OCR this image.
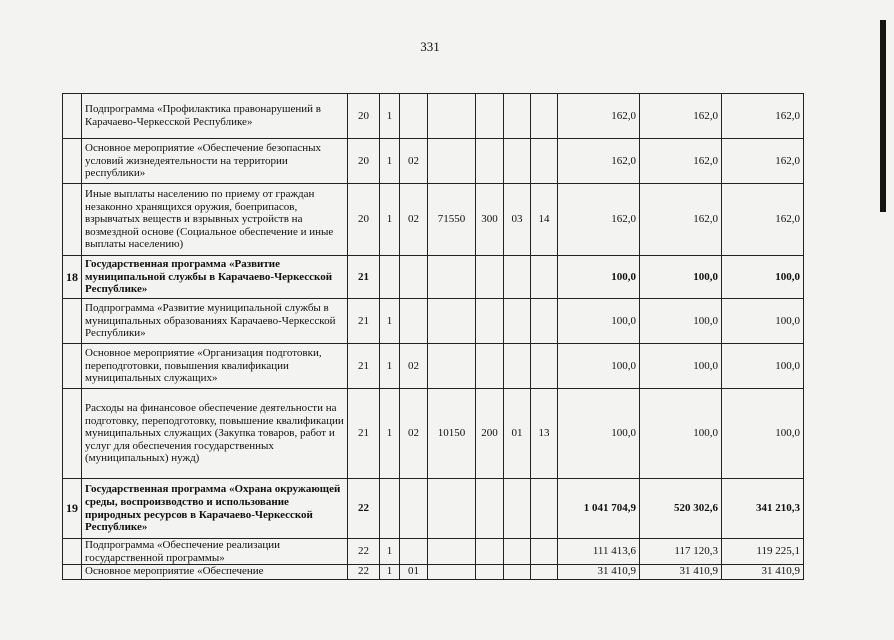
331
	Подпрограмма «Профилактика правонарушений в Карачаево-Черкесской Республике»	20	1						162,0	162,0	162,0
	Основное мероприятие «Обеспечение безопасных условий жизнедеятельности на территории республики»	20	1	02					162,0	162,0	162,0
	Иные выплаты населению по приему от граждан незаконно хранящихся оружия, боеприпасов, взрывчатых веществ и взрывных устройств на возмездной основе (Социальное обеспечение и иные выплаты населению)	20	1	02	71550	300	03	14	162,0	162,0	162,0
18	Государственная программа «Развитие муниципальной службы в Карачаево-Черкесской Республике»	21							100,0	100,0	100,0
	Подпрограмма «Развитие муниципальной службы в муниципальных образованиях Карачаево-Черкесской Республики»	21	1						100,0	100,0	100,0
	Основное мероприятие «Организация подготовки, переподготовки, повышения квалификации муниципальных служащих»	21	1	02					100,0	100,0	100,0
	Расходы на финансовое обеспечение деятельности на подготовку, переподготовку, повышение квалификации муниципальных служащих (Закупка товаров, работ и услуг для обеспечения государственных (муниципальных) нужд)	21	1	02	10150	200	01	13	100,0	100,0	100,0
19	Государственная программа «Охрана окружающей среды, воспроизводство и использование природных ресурсов в Карачаево-Черкесской Республике»	22							1 041 704,9	520 302,6	341 210,3
	Подпрограмма «Обеспечение реализации государственной программы»	22	1						111 413,6	117 120,3	119 225,1
	Основное мероприятие «Обеспечение	22	1	01					31 410,9	31 410,9	31 410,9
